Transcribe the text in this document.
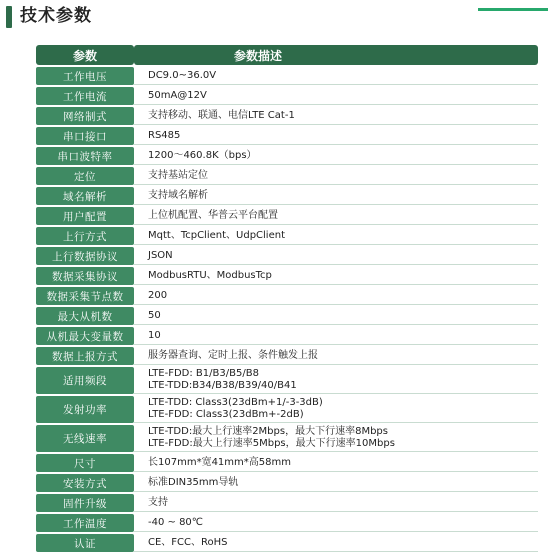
技术参数
参数	参数描述
工作电压	DC9.0~36.0V

工作电流	50mA@12V

网络制式	支持移动、联通、电信LTE Cat-1

串口接口	RS485

串口波特率	1200～460.8K（bps）

定位	支持基站定位

域名解析	支持域名解析

用户配置	上位机配置、华普云平台配置

上行方式	Mqtt、TcpClient、UdpClient

上行数据协议	JSON

数据采集协议	ModbusRTU、ModbusTcp

数据采集节点数	200

最大从机数	50

从机最大变量数	10

数据上报方式	服务器查询、定时上报、条件触发上报

适用频段	LTE-FDD: B1/B3/B5/B8
LTE-TDD:B34/B38/B39/40/B41

发射功率	LTE-TDD: Class3(23dBm+1/-3-3dB)
LTE-FDD: Class3(23dBm+-2dB)

无线速率	LTE-TDD:最大上行速率2Mbps，最大下行速率8Mbps
LTE-FDD:最大上行速率5Mbps，最大下行速率10Mbps

尺寸	长107mm*宽41mm*高58mm

安装方式	标准DIN35mm导轨

固件升级	支持

工作温度	-40 ~ 80℃

认证	CE、FCC、RoHS
